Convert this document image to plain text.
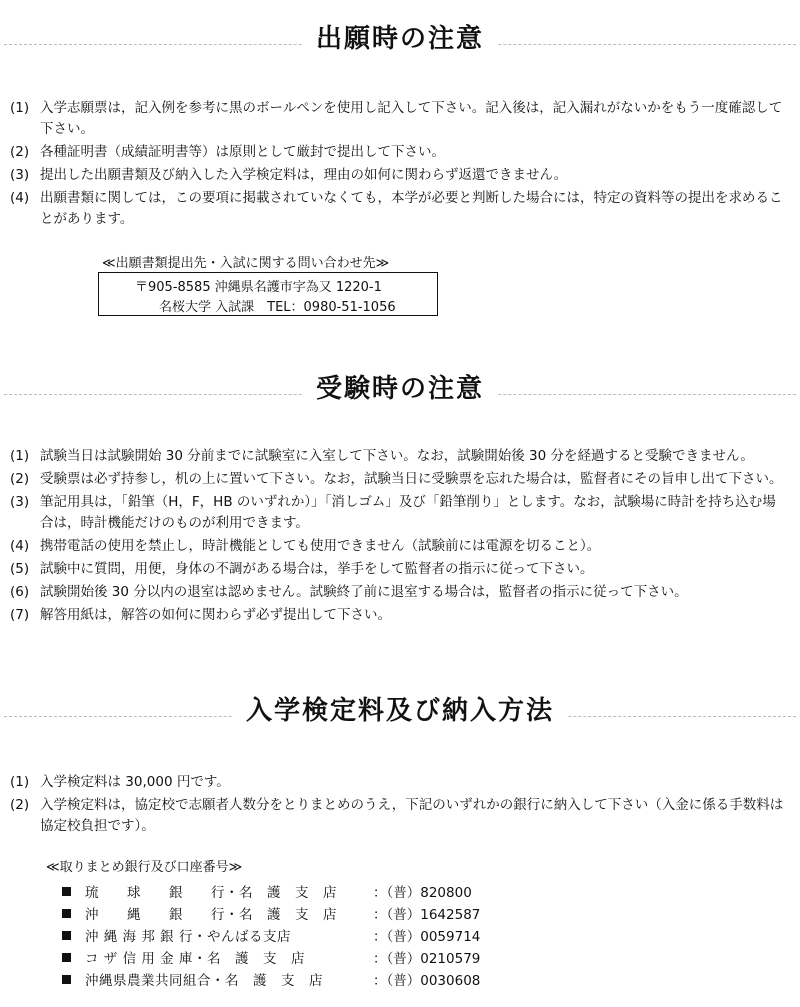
出願時の注意
(1) 入学志願票は，記入例を参考に黒のボールペンを使用し記入して下さい。記入後は，記入漏れがないかをもう一度確認して下さい。
(2) 各種証明書（成績証明書等）は原則として厳封で提出して下さい。
(3) 提出した出願書類及び納入した入学検定料は，理由の如何に関わらず返還できません。
(4) 出願書類に関しては，この要項に掲載されていなくても，本学が必要と判断した場合には，特定の資料等の提出を求めることがあります。
≪出願書類提出先・入試に関する問い合わせ先≫
〒905-8585 沖縄県名護市字為又 1220-1
名桜大学 入試課　TEL：0980-51-1056
受験時の注意
(1) 試験当日は試験開始 30 分前までに試験室に入室して下さい。なお，試験開始後 30 分を経過すると受験できません。
(2) 受験票は必ず持参し，机の上に置いて下さい。なお，試験当日に受験票を忘れた場合は，監督者にその旨申し出て下さい。
(3) 筆記用具は，「鉛筆（H，F，HB のいずれか）」「消しゴム」及び「鉛筆削り」とします。なお，試験場に時計を持ち込む場合は，時計機能だけのものが利用できます。
(4) 携帯電話の使用を禁止し，時計機能としても使用できません（試験前には電源を切ること）。
(5) 試験中に質問，用便，身体の不調がある場合は，挙手をして監督者の指示に従って下さい。
(6) 試験開始後 30 分以内の退室は認めません。試験終了前に退室する場合は，監督者の指示に従って下さい。
(7) 解答用紙は，解答の如何に関わらず必ず提出して下さい。
入学検定料及び納入方法
(1) 入学検定料は 30,000 円です。
(2) 入学検定料は，協定校で志願者人数分をとりまとめのうえ，下記のいずれかの銀行に納入して下さい（入金に係る手数料は協定校負担です）。
≪取りまとめ銀行及び口座番号≫
琉　　球　　銀　　行・名　護　支　店	：（普）820800
沖　　縄　　銀　　行・名　護　支　店	：（普）1642587
沖 縄 海 邦 銀 行・やんばる支店	：（普）0059714
コ ザ 信 用 金 庫・名　護　支　店	：（普）0210579
沖縄県農業共同組合・名　護　支　店	：（普）0030608
